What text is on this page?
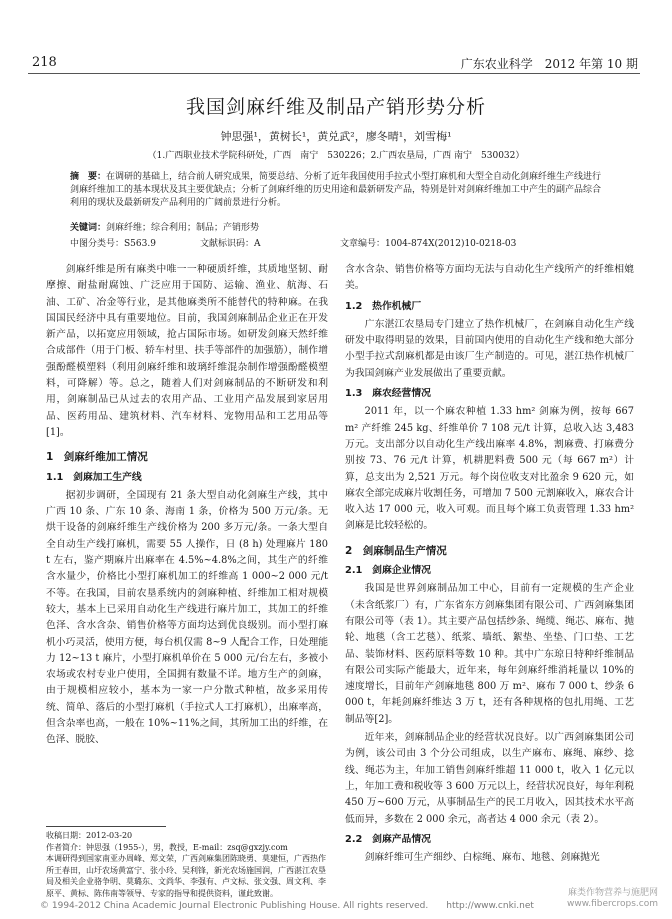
218	广东农业科学　2012 年第 10 期
我国剑麻纤维及制品产销形势分析
钟思强¹，黄树长¹，黄兑武²，廖冬晴¹，刘雪梅¹
（1.广西职业技术学院科研处，广西　南宁　530226；2.广西农垦局，广西 南宁　530032）
摘　要：在调研的基础上，结合前人研究成果，简要总结、分析了近年我国使用手拉式小型打麻机和大型全自动化剑麻纤维生产线进行剑麻纤维加工的基本现状及其主要优缺点；分析了剑麻纤维的历史用途和最新研发产品，特别是针对剑麻纤维加工中产生的副产品综合利用的现状及最新研发产品利用的广阔前景进行分析。
关键词：剑麻纤维；综合利用；制品；产销形势
中图分类号：S563.9	文献标识码：A	文章编号：1004-874X(2012)10-0218-03

剑麻纤维是所有麻类中唯一一种硬质纤维，其质地坚韧、耐摩擦、耐盐耐腐蚀、广泛应用于国防、运输、渔业、航海、石油、工矿、冶金等行业，是其他麻类所不能替代的特种麻。在我国国民经济中具有重要地位。目前，我国剑麻制品企业正在开发新产品，以拓宽应用领域，抢占国际市场。如研发剑麻天然纤维合成部件（用于门板、轿车村里、扶手等部件的加强筋），制作增强酚醛模塑料（利用剑麻纤维和玻璃纤维混杂制作增强酚醛模塑料，可降解）等。总之，随着人们对剑麻制品的不断研发和利用，剑麻制品已从过去的农用产品、工业用产品发展到家居用品、医药用品、建筑材料、汽车材料、宠物用品和工艺用品等[1]。

1　剑麻纤维加工情况
1.1　剑麻加工生产线

据初步调研，全国现有 21 条大型自动化剑麻生产线，其中广西 10 条、广东 10 条、海南 1 条，价格为 500 万元/条。无烘干设备的剑麻纤维生产线价格为 200 多万元/条。一条大型自全自动生产线打麻机，需要 55 人操作，日 (8 h) 处理麻片 180 t 左右，鉴产期麻片出麻率在 4.5%~4.8%之间，其生产的纤维含水量少，价格比小型打麻机加工的纤维高 1 000~2 000 元/t 不等。在我国，目前农垦系统内的剑麻种植、纤维加工相对规模较大，基本上已采用自动化生产线进行麻片加工，其加工的纤维色泽、含水含杂、销售价格等方面均达到优良级别。而小型打麻机小巧灵活，使用方便，每台机仅需 8~9 人配合工作，日处理能力 12~13 t 麻片，小型打麻机单价在 5 000 元/台左右，多被小农场或农村专业户使用，全国拥有数量不详。地方生产的剑麻，由于规模相应较小，基本为一家一户分散式种植，故多采用传统、简单、落后的小型打麻机（手拉式人工打麻机），出麻率高，但含杂率也高，一般在 10%~11%之间，其所加工出的纤维，在色泽、脱胶、

含水含杂、销售价格等方面均无法与自动化生产线所产的纤维相媲美。

1.2　热作机械厂

广东湛江农垦局专门建立了热作机械厂，在剑麻自动化生产线研发中取得明显的效果，目前国内使用的自动化生产线和绝大部分小型手拉式刮麻机都是由该厂生产制造的。可见，湛江热作机械厂为我国剑麻产业发展做出了重要贡献。

1.3　麻农经营情况

2011 年，以一个麻农种植 1.33 hm² 剑麻为例，按每 667 m² 产纤维 245 kg、纤维单价 7 108 元/t 计算，总收入达 3,483 万元。支出部分以自动化生产线出麻率 4.8%，割麻费、打麻费分别按 73、76 元/t 计算，机耕肥料费 500 元（每 667 m²）计算，总支出为 2,521 万元。每个岗位收支对比盈余 9 620 元，如麻农全部完成麻片收割任务，可增加 7 500 元割麻收入，麻农合计收入达 17 000 元，收入可观。而且每个麻工负责管理 1.33 hm² 剑麻是比较轻松的。

2　剑麻制品生产情况
2.1　剑麻企业情况

我国是世界剑麻制品加工中心，目前有一定规模的生产企业（未含纸浆厂）有，广东省东方剑麻集团有限公司、广西剑麻集团有限公司等（表 1）。其主要产品包括纱条、绳缆、绳芯、麻布、抛轮、地毯（含工艺毯）、纸浆、墙纸、絮垫、坐垫、门口垫、工艺品、装饰材料、医药原料等数 10 种。其中广东琼日特种纤维制品有限公司实际产能最大，近年来，每年剑麻纤维消耗量以 10%的速度增长，目前年产剑麻地毯 800 万 m²、麻布 7 000 t、纱条 6 000 t，年耗剑麻纤维达 3 万 t，还有各种规格的包扎用绳、工艺制品等[2]。

近年来，剑麻制品企业的经营状况良好。以广西剑麻集团公司为例，该公司由 3 个分公司组成，以生产麻布、麻绳、麻纱、捻线、绳芯为主，年加工销售剑麻纤维超 11 000 t，收入 1 亿元以上，年加工费和税收等 3 600 万元以上，经营状况良好，每年利税 450 万~600 万元，从事制品生产的民工月收入，因其技术水平高低而异，多数在 2 000 余元，高者达 4 000 余元（表 2）。

2.2　剑麻产品情况

剑麻纤维可生产细纱、白棕绳、麻布、地毯、剑麻抛光

收稿日期：2012-03-20
作者简介：钟思强（1955-），男，教授，E-mail：zsq@gxzjy.com
本调研得到国家南亚办周峰、郑文荣，广西剑麻集团陈晓勇、莫建恒，广西热作所王春田，山圩农场黄富宁、张小玲、吴利锋，新光农场施国润，广西湛江农垦局及相关企业骆争明、莫璐东、文尚华、李强有、卢文标、张文强、周文利、李原平、黄标、陈伟南等领导、专家的指导和提供资料，谨此致谢。
© 1994-2012 China Academic Journal Electronic Publishing House. All rights reserved.　　http://www.cnki.net
麻类作物营养与施肥网
www.fibercrops.com
